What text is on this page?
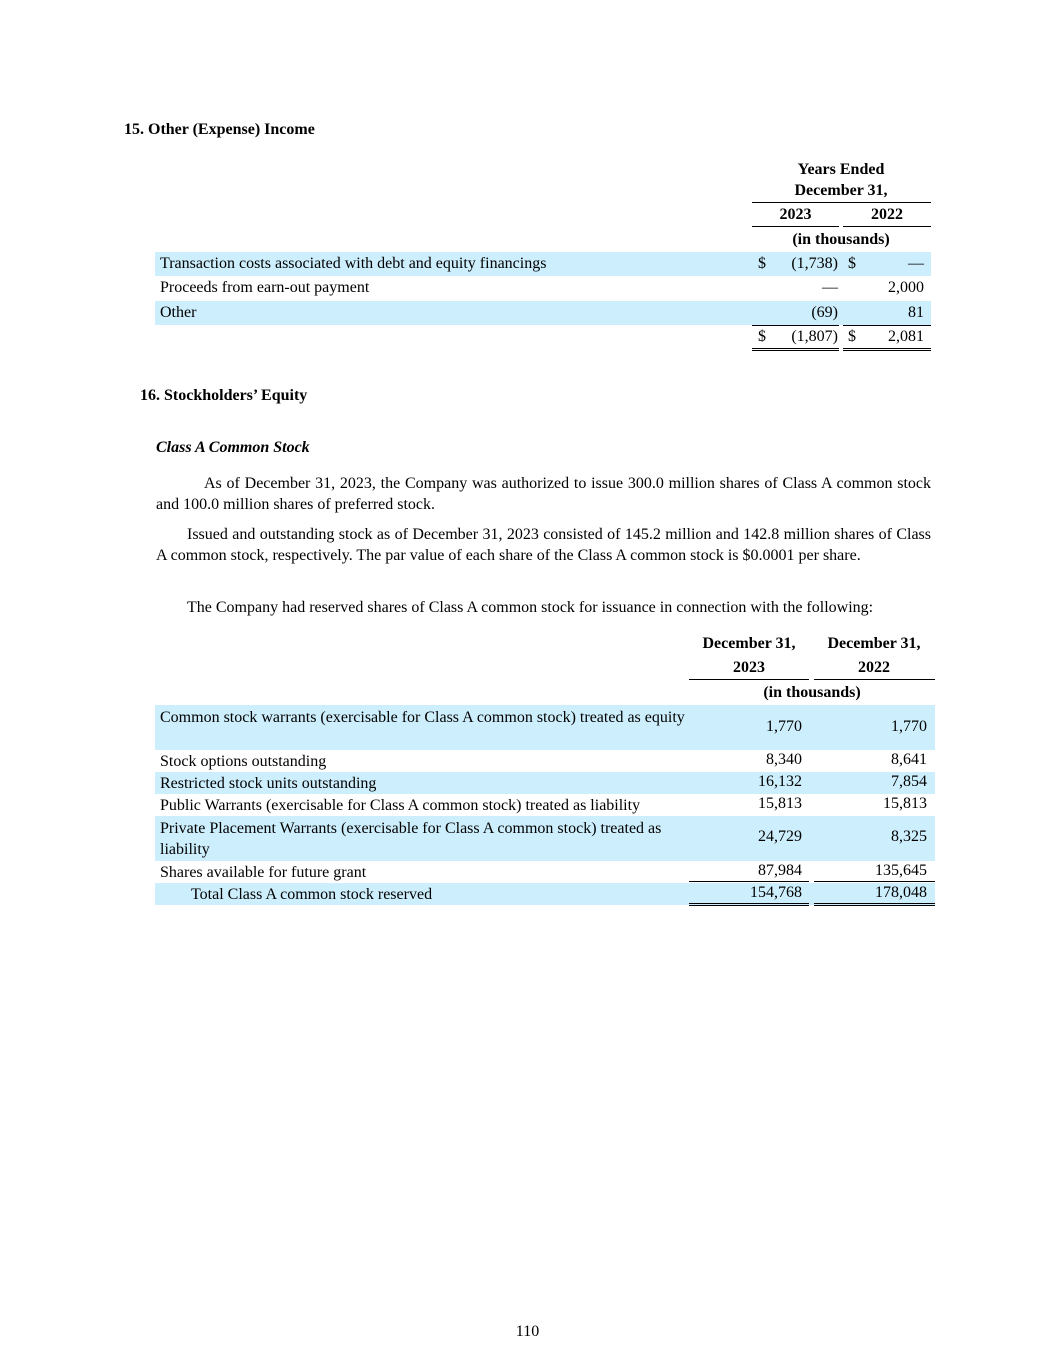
15. Other (Expense) Income
Years Ended
December 31,
2023	2022
(in thousands)
Transaction costs associated with debt and equity financings	$	(1,738) $	—
Proceeds from earn-out payment	—	2,000
Other	(69)	81
$	(1,807) $	2,081
16. Stockholders’ Equity
Class A Common Stock
As of December 31, 2023, the Company was authorized to issue 300.0 million shares of Class A common stock and 100.0 million shares of preferred stock.
Issued and outstanding stock as of December 31, 2023 consisted of 145.2 million and 142.8 million shares of Class A common stock, respectively. The par value of each share of the Class A common stock is $0.0001 per share.
The Company had reserved shares of Class A common stock for issuance in connection with the following:
December 31,
2023
December 31,
2022
(in thousands)
Common stock warrants (exercisable for Class A common stock) treated as equity
1,770	1,770
Stock options outstanding	8,340	8,641
Restricted stock units outstanding	16,132	7,854
Public Warrants (exercisable for Class A common stock) treated as liability	15,813	15,813
Private Placement Warrants (exercisable for Class A common stock) treated as liability
24,729	8,325
Shares available for future grant	87,984	135,645
Total Class A common stock reserved	154,768	178,048
110
